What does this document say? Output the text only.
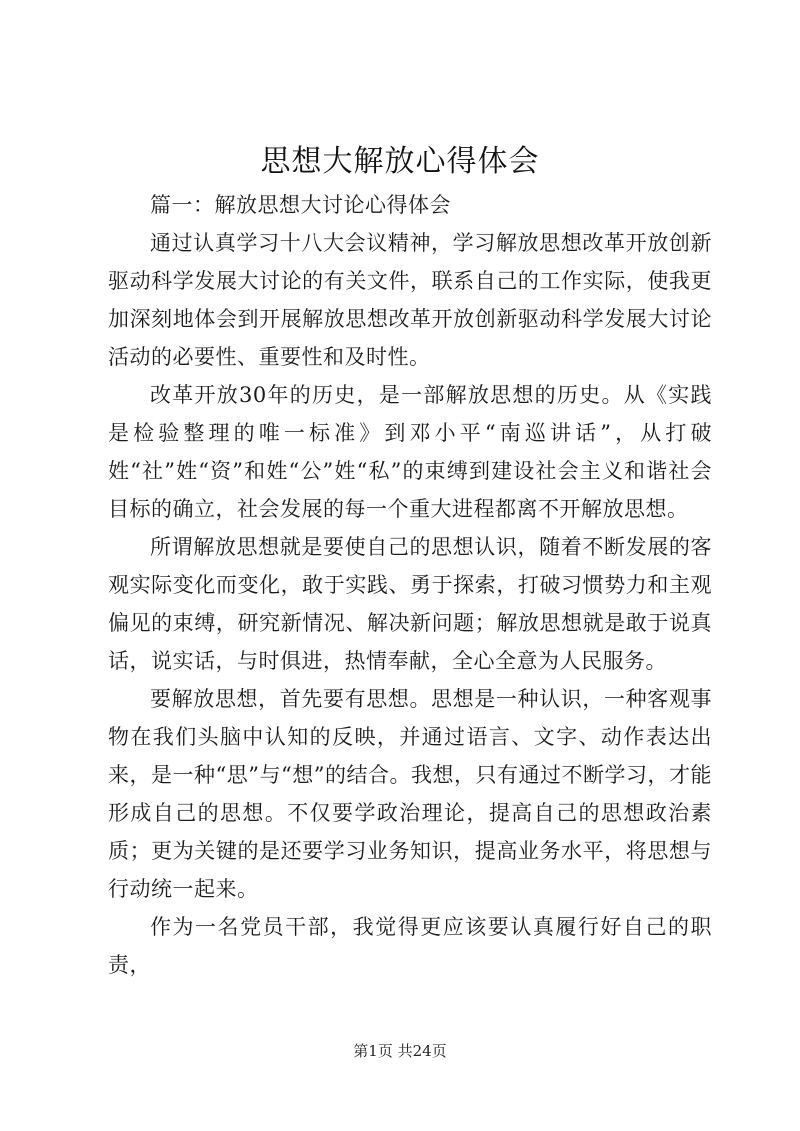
思想大解放心得体会

篇一：解放思想大讨论心得体会

通过认真学习十八大会议精神，学习解放思想改革开放创新驱动科学发展大讨论的有关文件，联系自己的工作实际，使我更加深刻地体会到开展解放思想改革开放创新驱动科学发展大讨论活动的必要性、重要性和及时性。

改革开放30年的历史，是一部解放思想的历史。从《实践是检验整理的唯一标准》到邓小平“南巡讲话”，从打破姓“社”姓“资”和姓“公”姓“私”的束缚到建设社会主义和谐社会目标的确立，社会发展的每一个重大进程都离不开解放思想。

所谓解放思想就是要使自己的思想认识，随着不断发展的客观实际变化而变化，敢于实践、勇于探索，打破习惯势力和主观偏见的束缚，研究新情况、解决新问题；解放思想就是敢于说真话，说实话，与时俱进，热情奉献，全心全意为人民服务。

要解放思想，首先要有思想。思想是一种认识，一种客观事物在我们头脑中认知的反映，并通过语言、文字、动作表达出来，是一种“思”与“想”的结合。我想，只有通过不断学习，才能形成自己的思想。不仅要学政治理论，提高自己的思想政治素质；更为关键的是还要学习业务知识，提高业务水平，将思想与行动统一起来。

作为一名党员干部，我觉得更应该要认真履行好自己的职责，

第1页 共24页
